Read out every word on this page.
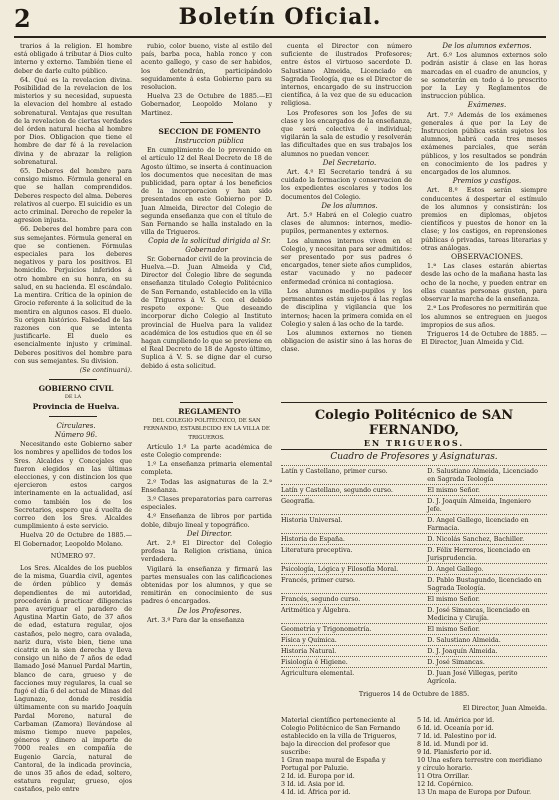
2	Boletín Oficial.

trarios á la religion. El hombre está obligado á tributar á Dios culto interno y externo. También tiene el deber de darle culto público.

64. Qué es la revelacion divina. Posibilidad de la revelacion de los misterios y su necesidad, supuesta la elevacion del hombre al estado sobrenatural. Ventajas que resultan de la revelacion de ciertas verdades del órden natural hecha al hombre por Dios. Obligacion que tiene el hombre de dar fé á la revelacion divina y de abrazar la religion sobrenatural.

65. Deberes del hombre para consigo mismo. Fórmula general en que se hallan comprendidos. Deberes respecto del alma. Deberes relativos al cuerpo. El suicidio es un acto criminal. Derecho de repeler la agresion injusta.

66. Deberes del hombre para con sus semejantes. Fórmula general en que se contienen. Fórmulas especiales para los deberes negativos y para los positivos. El homicidio. Perjuicios inferidos á otro hombre en su honra, en su salud, en su hacienda. El escándalo. La mentira. Crítica de la opinion de Grocio referente á la solicitud de la mentira en algunos casos. El duelo. Su origen histórico. Falsedad de las razones con que se intenta justificarle. El duelo es esencialmente injusto y criminal. Deberes positivos del hombre para con sus semejantes. Su division.

(Se continuará).

GOBIERNO CIVIL

DE LA

Provincia de Huelva.

Circulares.

Número 96.

Necesitando este Gobierno saber los nombres y apellidos de todos los Sres. Alcaldes y Concejales que fueron elegidos en las últimas elecciones, y con distincion los que ejercieron estos cargos interinamente en la actualidad, así como también los de los Secretarios, espero que á vuelta de correo den los Sres. Alcaldes cumplimiento á este servicio.

Huelva 20 de Octubre de 1885.—El Gobernador, Leopoldo Molano.

NÚMERO 97.

Los Sres. Alcaldes de los pueblos de la misma, Guardia civil, agentes de órden público y demás dependientes de mi autoridad, procederán á practicar diligencias para averiguar el paradero de Agustina Martin Gato, de 37 años de edad, estatura regular, ojos castaños, pelo negro, cara ovalada, nariz dura, viste bien, tiene una cicatriz en la sien derecha y lleva consigo un niño de 7 años de edad llamado José Manuel Pardal Martin, blanco de cara, grueso y de facciones muy regulares, la cual se fugó el día 6 del actual de Minas del Lagunazo, donde residía últimamente con su marido Joaquín Pardal Moreno, natural de Carbaman (Zamora) llevándose al mismo tiempo nueve papeles, géneros y dinero al importe de 7000 reales en compañía de Eugenio García, natural de Cantoral, de la indicada provincia, de unos 35 años de edad, soltero, estatura regular, grueso, ojos castaños, pelo entre

rubio, color bueno, viste al estilo del país, barba poca, habla ronco y con acento gallego, y caso de ser habidos, los detendrán, participándolo seguidamente á esta Gobierno para su resolucion.

Huelva 23 de Octubre de 1885.—El Gobernador, Leopoldo Molano y Martinez.

SECCION DE FOMENTO

Instruccion pública

En cumplimiento de lo prevenido en el artículo 12 del Real Decreto de 18 de Agosto último, se inserta á continuacion los documentos que necesitan de mas publicidad, para optar á los beneficios de la incorporacion y han sido presentados en este Gobierno por D. Juan Almeida, Director del Colegio de segunda enseñanza que con el título de San Fernando se halla instalado en la villa de Trigueros.

Copia de la solicitud dirigida al Sr. Gobernador

Sr. Gobernador civil de la provincia de Huelva.—D. Juan Almeida y Cid, Director del Colegio libre de segunda enseñanza titulado Colegio Politécnico de San Fernando, establecido en la villa de Trigueros á V. S. con el debido respeto expone: Que deseando incorporar dicho Colegio al Instituto provincial de Huelva para la validez académica de los estudios que en él se hagan cumpliendo lo que se previene en el Real Decreto de 18 de Agosto último, Suplica á V. S. se digne dar el curso debido á esta solicitud.

REGLAMENTO

DEL COLEGIO POLITÉCNICO, DE SAN FERNANDO, ESTABLECIDO EN LA VILLA DE TRIGUEROS.

Artículo 1.º La parte académica de este Colegio comprende:

1.º La enseñanza primaria elemental completa.

2.º Todas las asignaturas de la 2.ª Enseñanza.

3.º Clases preparatorias para carreras especiales.

4.º Enseñanza de libros por partida doble, dibujo lineal y topográfico.

Del Director.

Art. 2.º El Director del Colegio profesa la Religion cristiana, única verdadera.

Vigilará la enseñanza y firmará las partes mensuales con las calificaciones obtenidas por los alumnos, y que se remitirán en conocimiento de sus padres ó encargados.

De los Profesores.

Art. 3.º Para dar la enseñanza

cuenta el Director con número suficiente de ilustrados Profesores; entre éstos el virtuoso sacerdote D. Salustiano Almeida, Licenciado en Sagrada Teología, que es el Director de internos, encargado de su instruccion científica, á la vez que de su educacion religiosa.

Los Profesores son los Jefes de su clase y los encargados de la enseñanza, que será colectiva é individual; vigilarán la sala de estudio y resolverán las dificultades que en sus trabajos los alumnos no puedan vencer.

Del Secretario.

Art. 4.º El Secretario tendrá á su cuidado la formacion y conservacion de los expedientes escolares y todos los documentos del Colegio.

De los alumnos.

Art. 5.º Habrá en el Colegio cuatro clases de alumnos: internos, medio-pupilos, permanentes y externos.

Los alumnos internos viven en el Colegio, y necesitan para ser admitidos: ser presentado por sus padres ó encargados, tener siete años cumplidos, estar vacunado y no padecer enfermedad crónica ni contagiosa.

Los alumnos medio-pupilos y los permanentes están sujetos á las reglas de disciplina y vigilancia que los internos; hacen la primera comida en el Colegio y salen á las ocho de la tarde.

Los alumnos externos no tienen obligacion de asistir sino á las horas de clase.

De los alumnos externos.

Art. 6.º Los alumnos externos solo podrán asistir á clase en las horas marcadas en el cuadro de anuncios, y se someterán en todo á lo prescrito por la Ley y Reglamentos de instruccion pública.

Exámenes.

Art. 7.º Además de los exámenes generales á que por la Ley de Instruccion pública están sujetos los alumnos, habrá cada tres meses exámenes parciales, que serán públicos, y los resultados se pondrán en conocimiento de los padres y encargados de los alumnos.

Premios y castigos.

Art. 8.º Estos serán siempre conducentes á despertar el estímulo de los alumnos y consistirán: los premios en diplomas, objetos científicos y puestos de honor en la clase; y los castigos, en reprensiones públicas ó privadas, tareas literarias y otras análogas.

OBSERVACIONES.

1.ª Las clases estarán abiertas desde las ocho de la mañana hasta las ocho de la noche, y pueden entrar en ellas cuantas personas gusten, para observar la marcha de la enseñanza.

2.ª Los Profesores no permitirán que los alumnos se entreguen en juegos impropios de sus años.

Trigueros 14 de Octubre de 1885. —El Director, Juan Almeida y Cid.

Colegio Politécnico de SAN FERNANDO,

EN TRIGUEROS.

Cuadro de Profesores y Asignaturas.

Latín y Castellano, primer curso.	D. Salustiano Almeida, Licenciado en Sagrada Teología
Latín y Castellano, segundo curso.	El mismo Señor.
Geografía.	D. J. Joaquín Almeida, Ingeniero Jefe.
Historia Universal.	D. Angel Gallego, licenciado en Farmacia.
Historia de España.	D. Nicolás Sanchez, Bachiller.
Literatura preceptiva.	D. Félix Herreros, licenciado en Jurisprudencia.
Psicología, Lógica y Filosofía Moral.	D. Angel Gallego.
Francés, primer curso.	D. Pablo Bustagundo, licenciado en Sagrada Teología.
Francés, segundo curso.	El mismo Señor.
Aritmética y Álgebra.	D. José Simancas, licenciado en Medicina y Cirujía.
Geometría y Trigonometría.	El mismo Señor.
Física y Química.	D. Salustiano Almeida.
Historia Natural.	D. J. Joaquín Almeida.
Fisiología é Higiene.	D. José Simancas.
Agricultura elemental.	D. Juan José Villegas, perito Agrícola.

Trigueros 14 de Octubre de 1885.

El Director, Juan Almeida.

Material científico perteneciente al Colegio Politécnico de San Fernando establecido en la villa de Trigueros, bajo la direccion del profesor que suscribe:

1 Gran mapa mural de España y Portugal por Paluzie.

2 Id. id. Europa por id.

3 Id. id. Asia por id.

4 Id. id. África por id.

5 Id. id. América por id.

6 Id. id. Oceanía por id.

7 Id. id. Palestino por id.

8 Id. id. Mundi por id.

9 Id. Planisferio por id.

10 Una esfera terrestre con meridiano y círculo horario.

11 Otra Orrillar.

12 Id. Copérnico.

13 Un mapa de Europa por Dufour.
